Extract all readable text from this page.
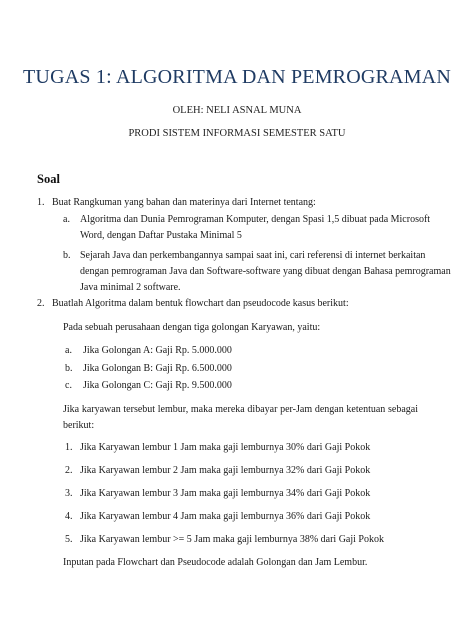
TUGAS 1: ALGORITMA DAN PEMROGRAMAN
OLEH: NELI ASNAL MUNA
PRODI SISTEM INFORMASI SEMESTER SATU
Soal
1. Buat Rangkuman yang bahan dan materinya dari Internet tentang:
a. Algoritma dan Dunia Pemrograman Komputer, dengan Spasi 1,5 dibuat pada Microsoft
Word, dengan Daftar Pustaka Minimal 5
b. Sejarah Java dan perkembangannya sampai saat ini, cari referensi di internet berkaitan
dengan pemrograman Java dan Software-software yang dibuat dengan Bahasa pemrograman
Java minimal 2 software.
2. Buatlah Algoritma dalam bentuk flowchart dan pseudocode kasus berikut:
Pada sebuah perusahaan dengan tiga golongan Karyawan, yaitu:
a. Jika Golongan A: Gaji Rp. 5.000.000
b. Jika Golongan B: Gaji Rp. 6.500.000
c. Jika Golongan C: Gaji Rp. 9.500.000
Jika karyawan tersebut lembur, maka mereka dibayar per-Jam dengan ketentuan sebagai
berikut:
1. Jika Karyawan lembur 1 Jam maka gaji lemburnya 30% dari Gaji Pokok
2. Jika Karyawan lembur 2 Jam maka gaji lemburnya 32% dari Gaji Pokok
3. Jika Karyawan lembur 3 Jam maka gaji lemburnya 34% dari Gaji Pokok
4. Jika Karyawan lembur 4 Jam maka gaji lemburnya 36% dari Gaji Pokok
5. Jika Karyawan lembur >= 5 Jam maka gaji lemburnya 38% dari Gaji Pokok
Inputan pada Flowchart dan Pseudocode adalah Golongan dan Jam Lembur.
